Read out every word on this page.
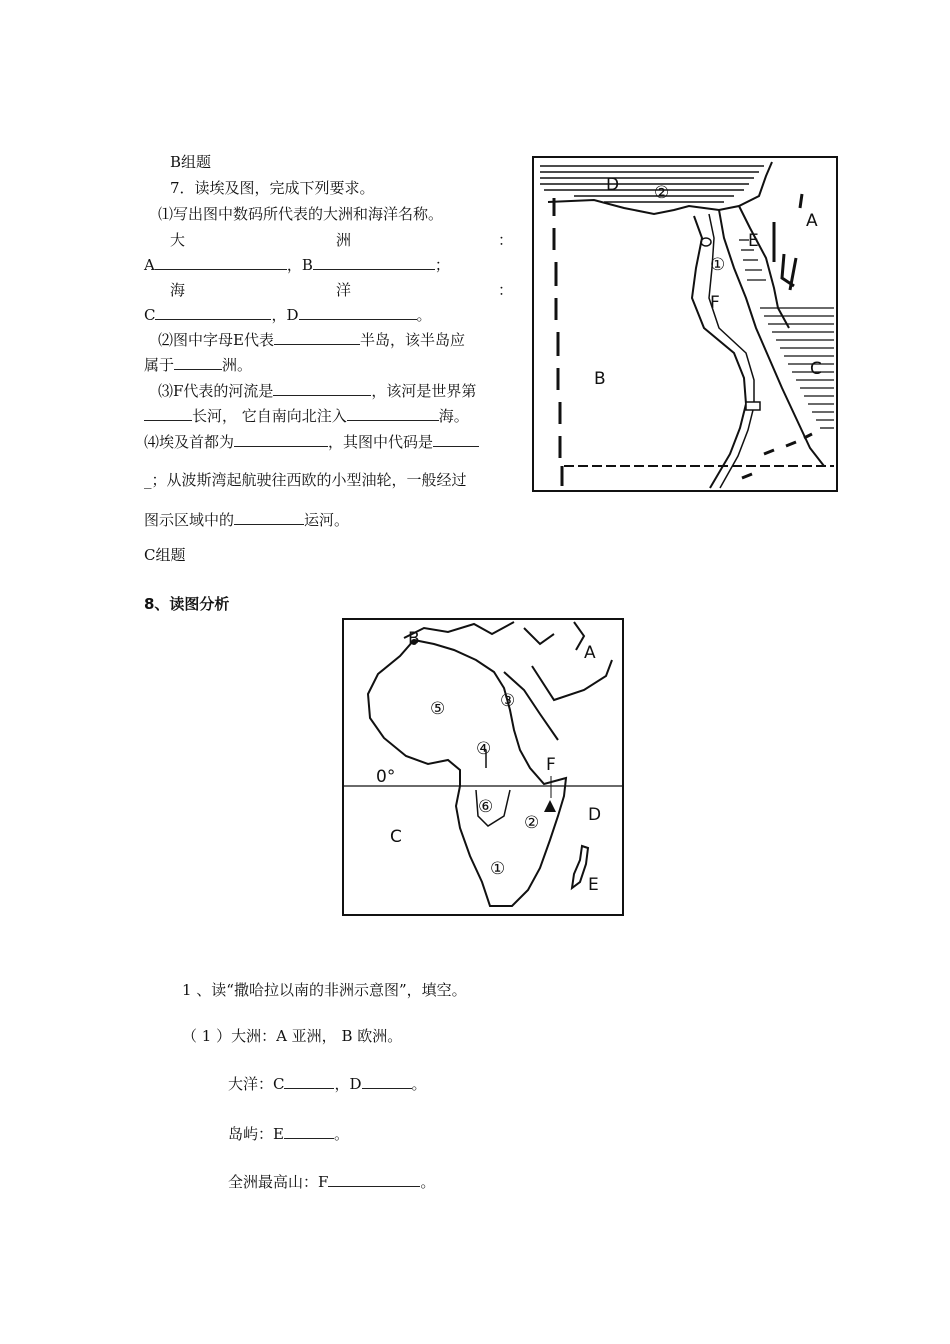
B组题
7．读埃及图，完成下列要求。
⑴写出图中数码所代表的大洲和海洋名称。
大	洲	：
A	，B	；
海	洋	：
C	，D	。
⑵图中字母E代表	半岛，该半岛应
属于	洲。
⑶F代表的河流是	，该河是世界第
长河， 它自南向北注入	海。
⑷埃及首都为	，其图中代码是
_；从波斯湾起航驶往西欧的小型油轮，一般经过
图示区域中的	运河。
C组题
8、读图分析
A
B	C
D
E
F
①
②
A
B
C
D
E
F
0°
①
②
③
④
⑤
⑥
1 、读“撒哈拉以南的非洲示意图”，填空。
（ 1 ）大洲：A 亚洲， B 欧洲。
大洋：C	，D	。
岛屿：E	。
全洲最高山：F	。
